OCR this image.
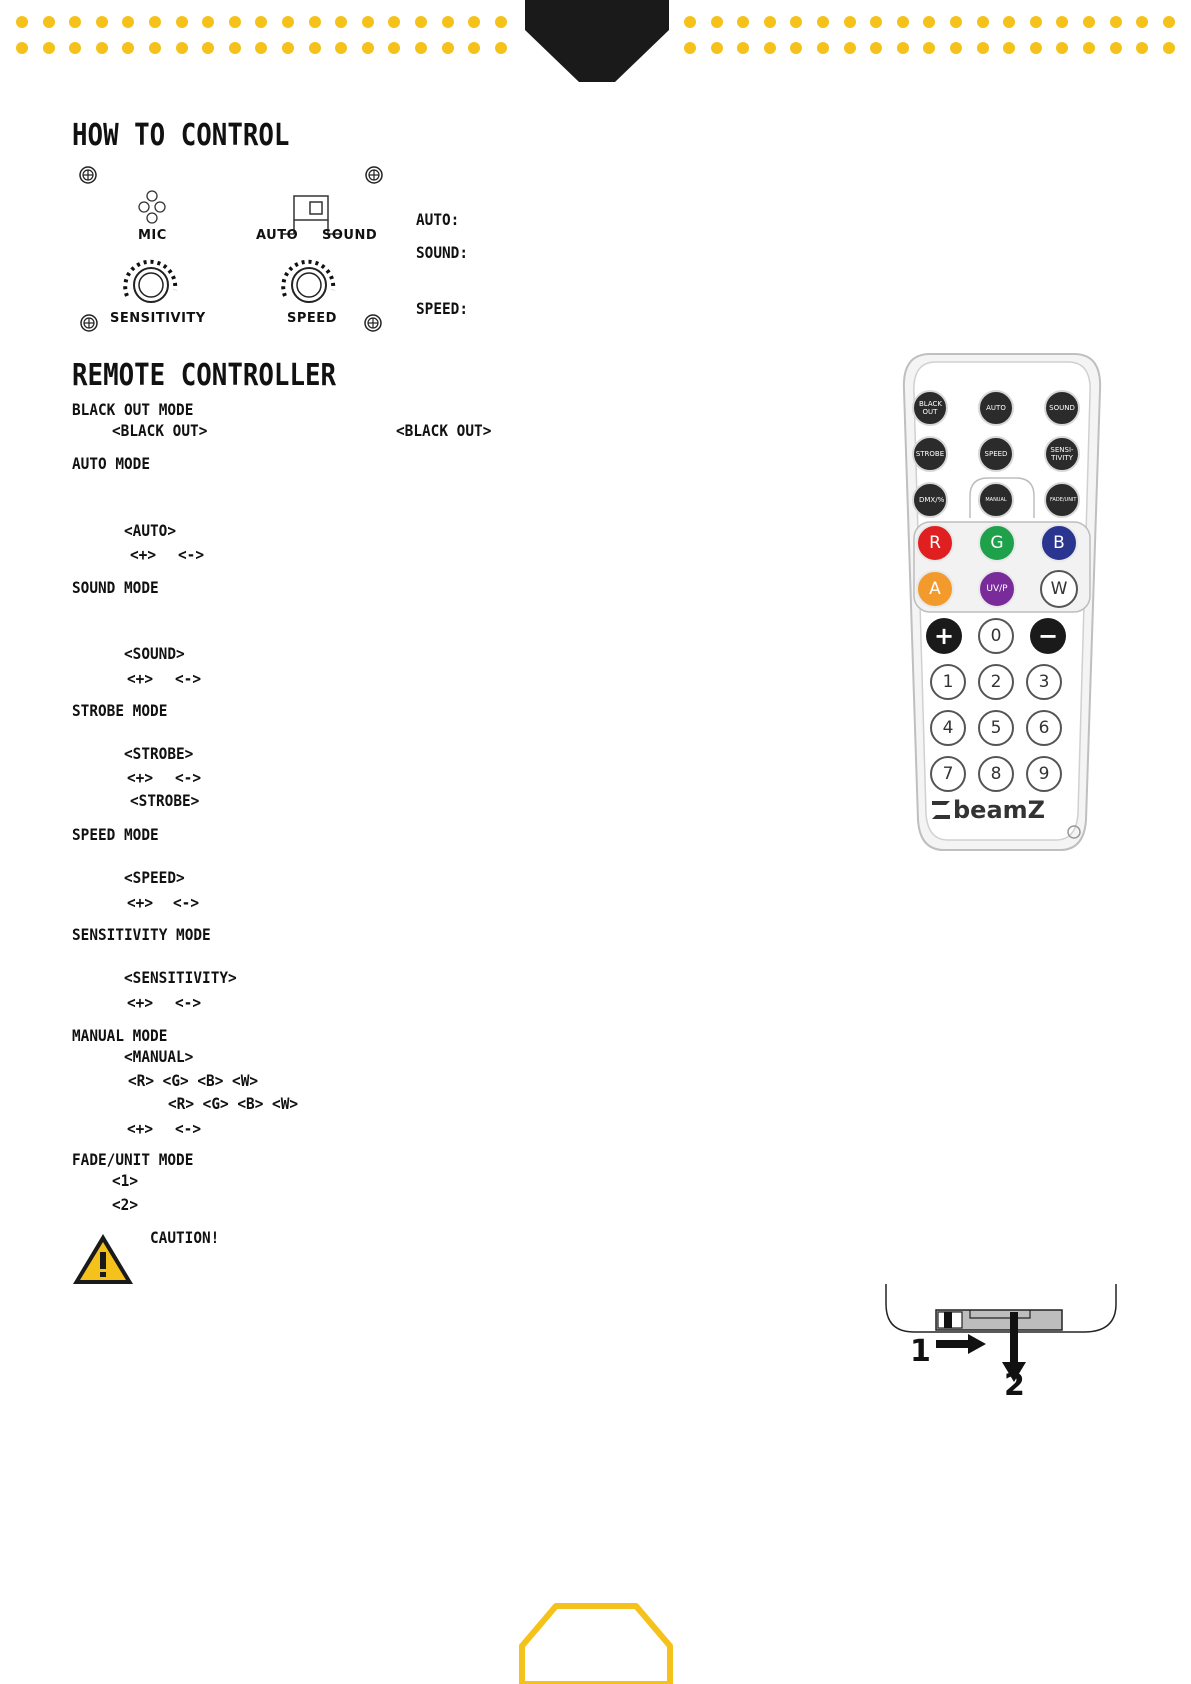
HOW TO CONTROL
MIC	AUTO SOUND
SENSITIVITY	SPEED
AUTO:
SOUND:
SPEED:
REMOTE CONTROLLER
BLACK OUT MODE
<BLACK OUT>	<BLACK OUT>
AUTO MODE
<AUTO>
<+> <->
SOUND MODE
<SOUND>
<+> <->
STROBE MODE
<STROBE>
<+> <->
<STROBE>
SPEED MODE
<SPEED>
<+> <->
SENSITIVITY MODE
<SENSITIVITY>
<+> <->
MANUAL MODE
<MANUAL>
<R> <G> <B> <W>
<R> <G> <B> <W>
<+> <->
FADE/UNIT MODE
<1>
<2>
CAUTION!
BLACK OUT	AUTO	SOUND
STROBE	SPEED	SENSI-TIVITY
DMX/%	MANUAL	FADE/UNIT
R	G	B
A	UV/P	W
+ 0 −
1 2 3
4 5 6
7 8 9
beamZ
1
2
